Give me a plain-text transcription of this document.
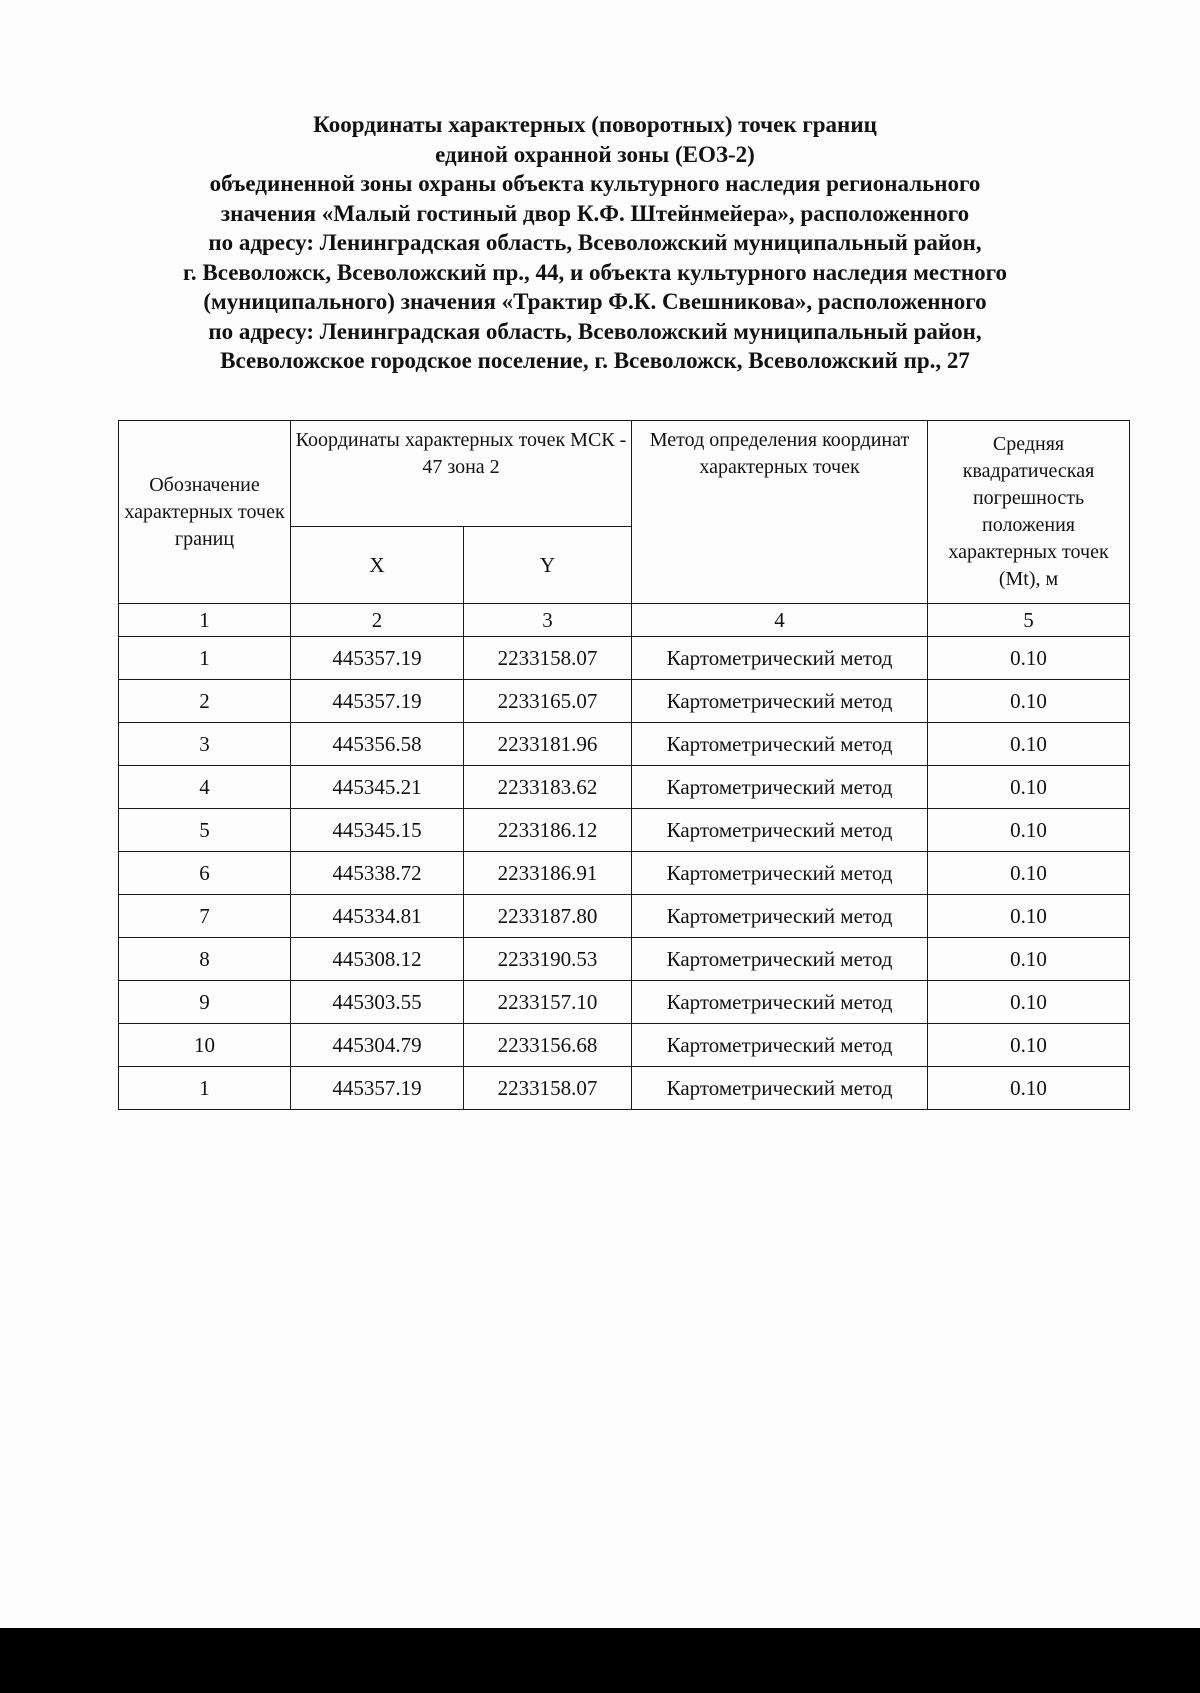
Координаты характерных (поворотных) точек границ
единой охранной зоны (ЕОЗ-2)
объединенной зоны охраны объекта культурного наследия регионального
значения «Малый гостиный двор К.Ф. Штейнмейера», расположенного
по адресу: Ленинградская область, Всеволожский муниципальный район,
г. Всеволожск, Всеволожский пр., 44, и объекта культурного наследия местного
(муниципального) значения «Трактир Ф.К. Свешникова», расположенного
по адресу: Ленинградская область, Всеволожский муниципальный район,
Всеволожское городское поселение, г. Всеволожск, Всеволожский пр., 27
Обозначение характерных точек границ	Координаты характерных точек МСК - 47 зона 2		Метод определения координат характерных точек	Средняя квадратическая погрешность положения характерных точек (Mt), м
	X	Y		
1	2	3	4	5
1	445357.19	2233158.07	Картометрический метод	0.10
2	445357.19	2233165.07	Картометрический метод	0.10
3	445356.58	2233181.96	Картометрический метод	0.10
4	445345.21	2233183.62	Картометрический метод	0.10
5	445345.15	2233186.12	Картометрический метод	0.10
6	445338.72	2233186.91	Картометрический метод	0.10
7	445334.81	2233187.80	Картометрический метод	0.10
8	445308.12	2233190.53	Картометрический метод	0.10
9	445303.55	2233157.10	Картометрический метод	0.10
10	445304.79	2233156.68	Картометрический метод	0.10
1	445357.19	2233158.07	Картометрический метод	0.10
